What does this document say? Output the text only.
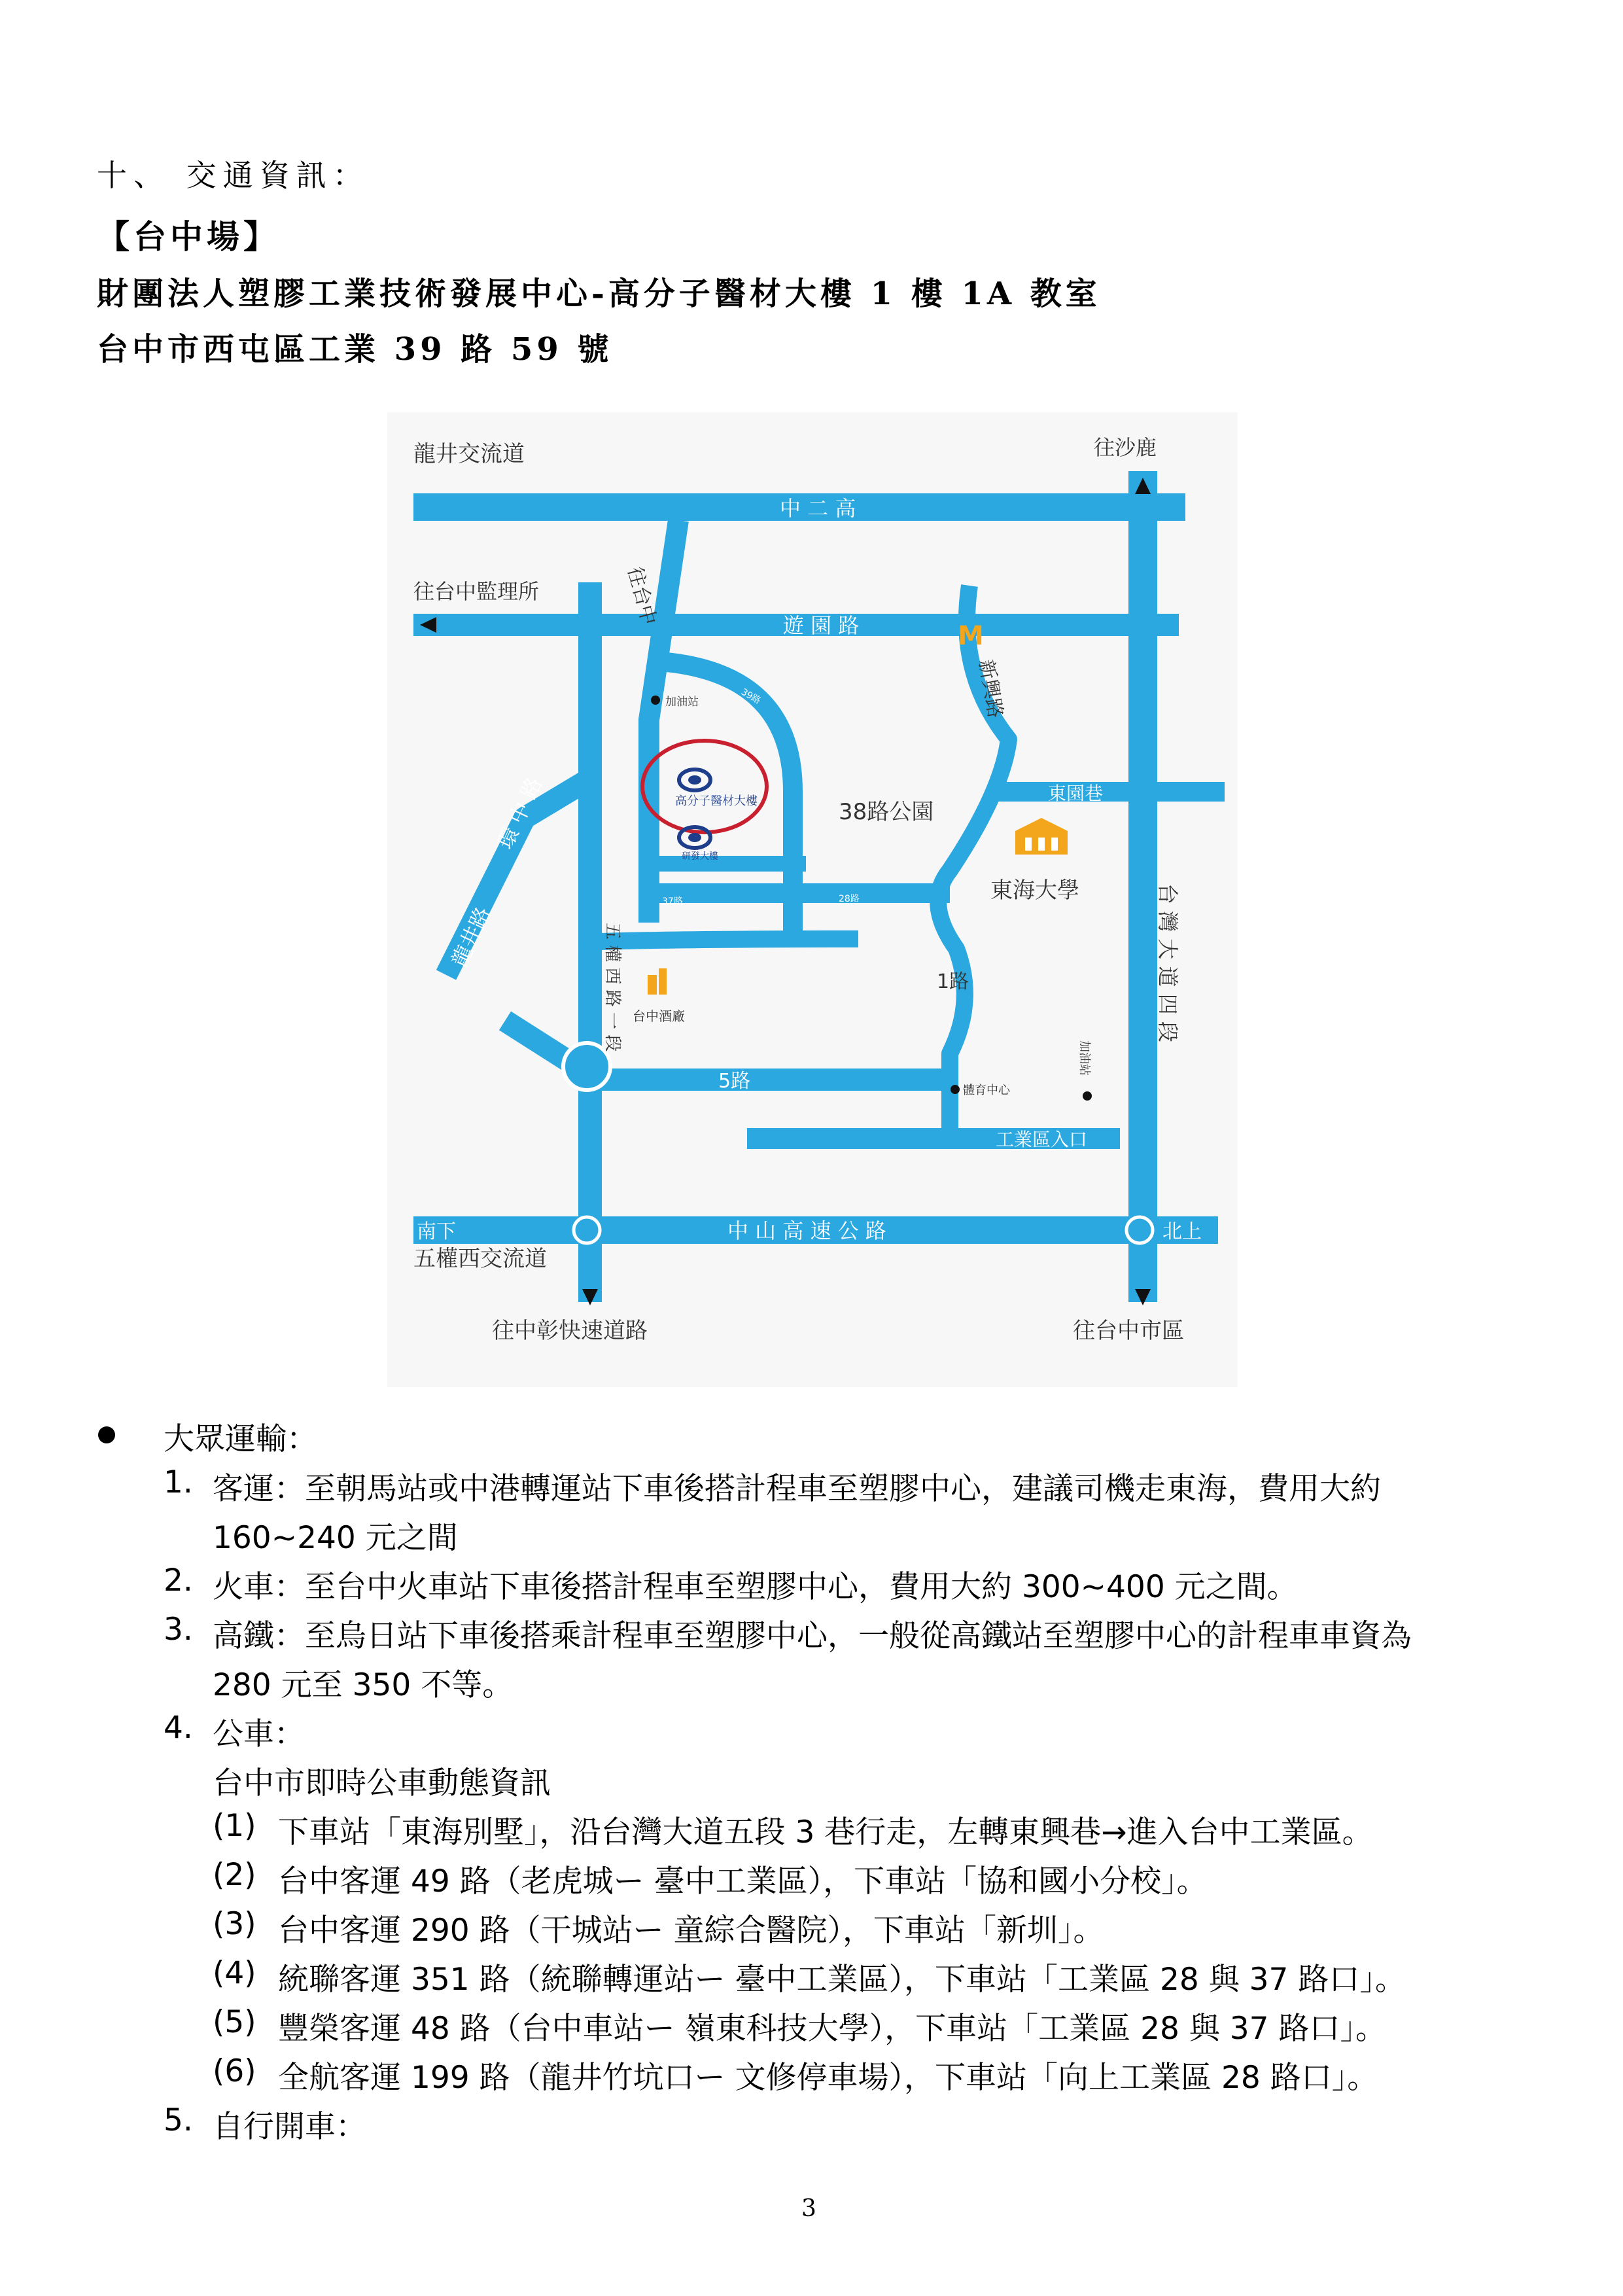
十、 交通資訊：
【台中場】
財團法人塑膠工業技術發展中心-高分子醫材大樓 1 樓 1A 教室
台中市西屯區工業 39 路 59 號
M
龍井交流道	往沙鹿
中 二 高
往台中監理所	往台中	遊 園 路
新興路
加油站	39路
高分子醫材大樓
研發大樓
38路公園
東園巷
東海大學	台 灣 大 道 四 段
龍井路
環 中 路
37路	28路
五 權 西 路 一 段	1路
台中酒廠
5路
加油站
體育中心
工業區入口
南下	中 山 高 速 公 路	北上
五權西交流道
往中彰快速道路	往台中市區
大眾運輸：
1. 客運：至朝馬站或中港轉運站下車後搭計程車至塑膠中心，建議司機走東海，費用大約
160~240 元之間
2. 火車：至台中火車站下車後搭計程車至塑膠中心，費用大約 300~400 元之間。
3. 高鐵：至烏日站下車後搭乘計程車至塑膠中心，一般從高鐵站至塑膠中心的計程車車資為
280 元至 350 不等。
4. 公車：
台中市即時公車動態資訊
(1) 下車站「東海別墅」，沿台灣大道五段 3 巷行走，左轉東興巷→進入台中工業區。
(2) 台中客運 49 路（老虎城ー 臺中工業區），下車站「協和國小分校」。
(3) 台中客運 290 路（干城站ー 童綜合醫院），下車站「新圳」。
(4) 統聯客運 351 路（統聯轉運站ー 臺中工業區），下車站「工業區 28 與 37 路口」。
(5) 豐榮客運 48 路（台中車站ー 嶺東科技大學），下車站「工業區 28 與 37 路口」。
(6) 全航客運 199 路（龍井竹坑口ー 文修停車場），下車站「向上工業區 28 路口」。
5. 自行開車：
3
